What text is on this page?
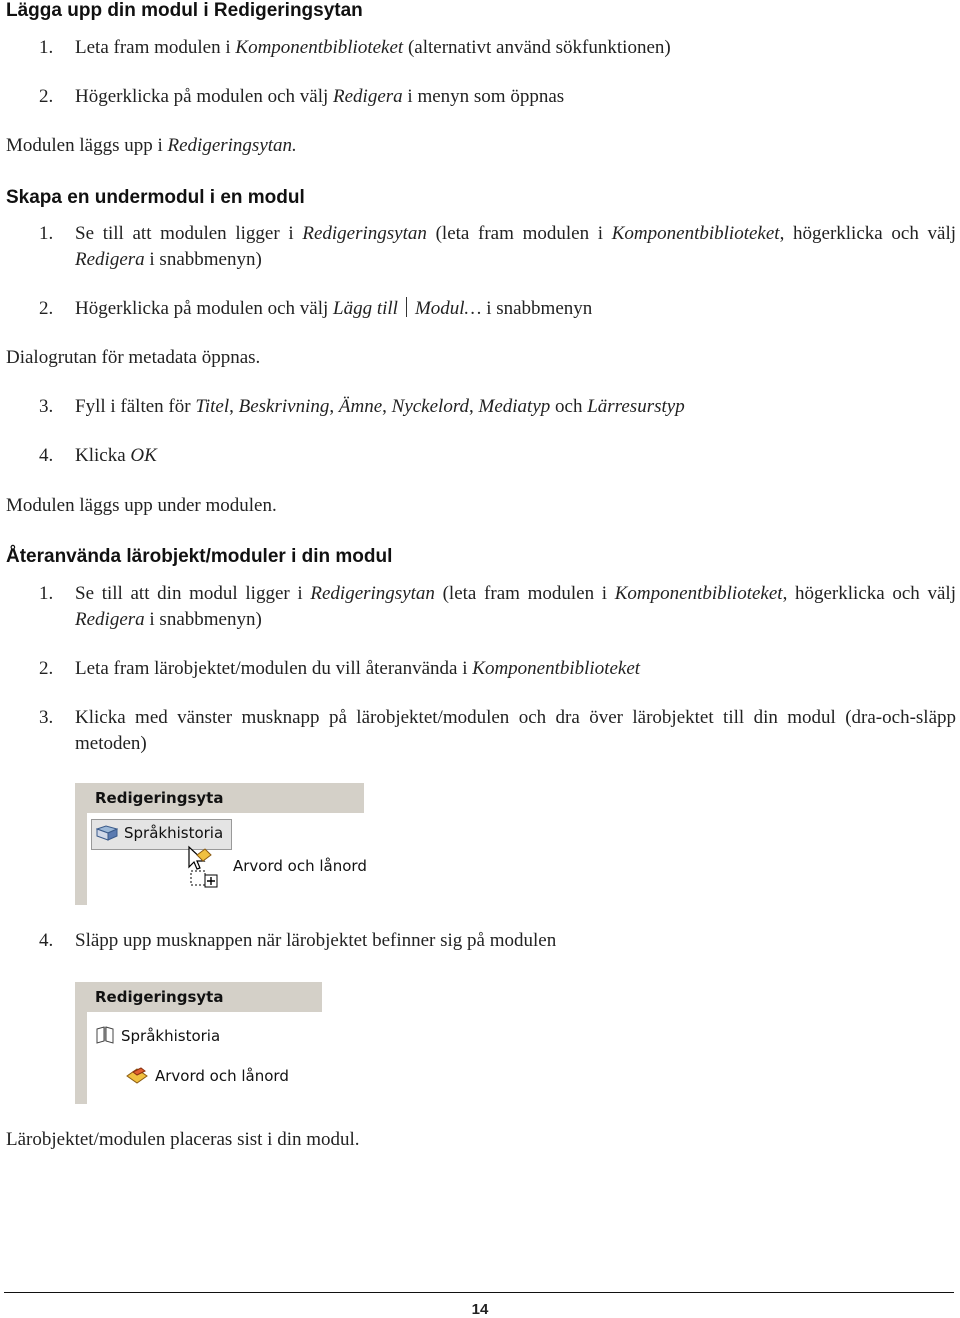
Lägga upp din modul i Redigeringsytan
1. Leta fram modulen i Komponentbiblioteket (alternativt använd sökfunktionen)
2. Högerklicka på modulen och välj Redigera i menyn som öppnas
Modulen läggs upp i Redigeringsytan.
Skapa en undermodul i en modul
1. Se till att modulen ligger i Redigeringsytan (leta fram modulen i Komponentbiblioteket, högerklicka och välj Redigera i snabbmenyn)
2. Högerklicka på modulen och välj Lägg till Modul… i snabbmenyn
Dialogrutan för metadata öppnas.
3. Fyll i fälten för Titel, Beskrivning, Ämne, Nyckelord, Mediatyp och Lärresurstyp
4. Klicka OK
Modulen läggs upp under modulen.
Återanvända lärobjekt/moduler i din modul
1. Se till att din modul ligger i Redigeringsytan (leta fram modulen i Komponentbiblioteket, högerklicka och välj Redigera i snabbmenyn)
2. Leta fram lärobjektet/modulen du vill återanvända i Komponentbiblioteket
3. Klicka med vänster musknapp på lärobjektet/modulen och dra över lärobjektet till din modul (dra-och-släpp metoden)
Redigeringsyta
Språkhistoria
Arvord och lånord
4. Släpp upp musknappen när lärobjektet befinner sig på modulen
Redigeringsyta
Språkhistoria
Arvord och lånord
Lärobjektet/modulen placeras sist i din modul.
14
